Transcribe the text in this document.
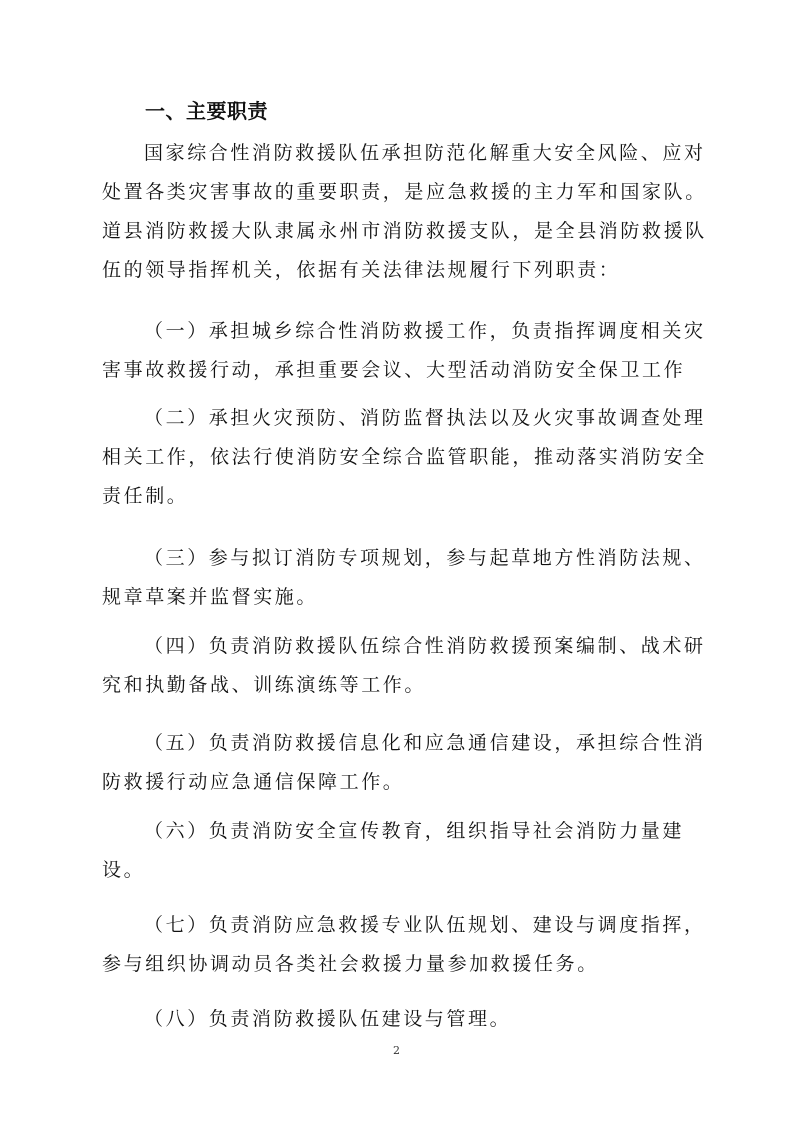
一、主要职责
国家综合性消防救援队伍承担防范化解重大安全风险、应对
处置各类灾害事故的重要职责，是应急救援的主力军和国家队。
道县消防救援大队隶属永州市消防救援支队，是全县消防救援队
伍的领导指挥机关，依据有关法律法规履行下列职责：
（一）承担城乡综合性消防救援工作，负责指挥调度相关灾
害事故救援行动，承担重要会议、大型活动消防安全保卫工作
（二）承担火灾预防、消防监督执法以及火灾事故调查处理
相关工作，依法行使消防安全综合监管职能，推动落实消防安全
责任制。
（三）参与拟订消防专项规划，参与起草地方性消防法规、
规章草案并监督实施。
（四）负责消防救援队伍综合性消防救援预案编制、战术研
究和执勤备战、训练演练等工作。
（五）负责消防救援信息化和应急通信建设，承担综合性消
防救援行动应急通信保障工作。
（六）负责消防安全宣传教育，组织指导社会消防力量建
设。
（七）负责消防应急救援专业队伍规划、建设与调度指挥，
参与组织协调动员各类社会救援力量参加救援任务。
（八）负责消防救援队伍建设与管理。
2
